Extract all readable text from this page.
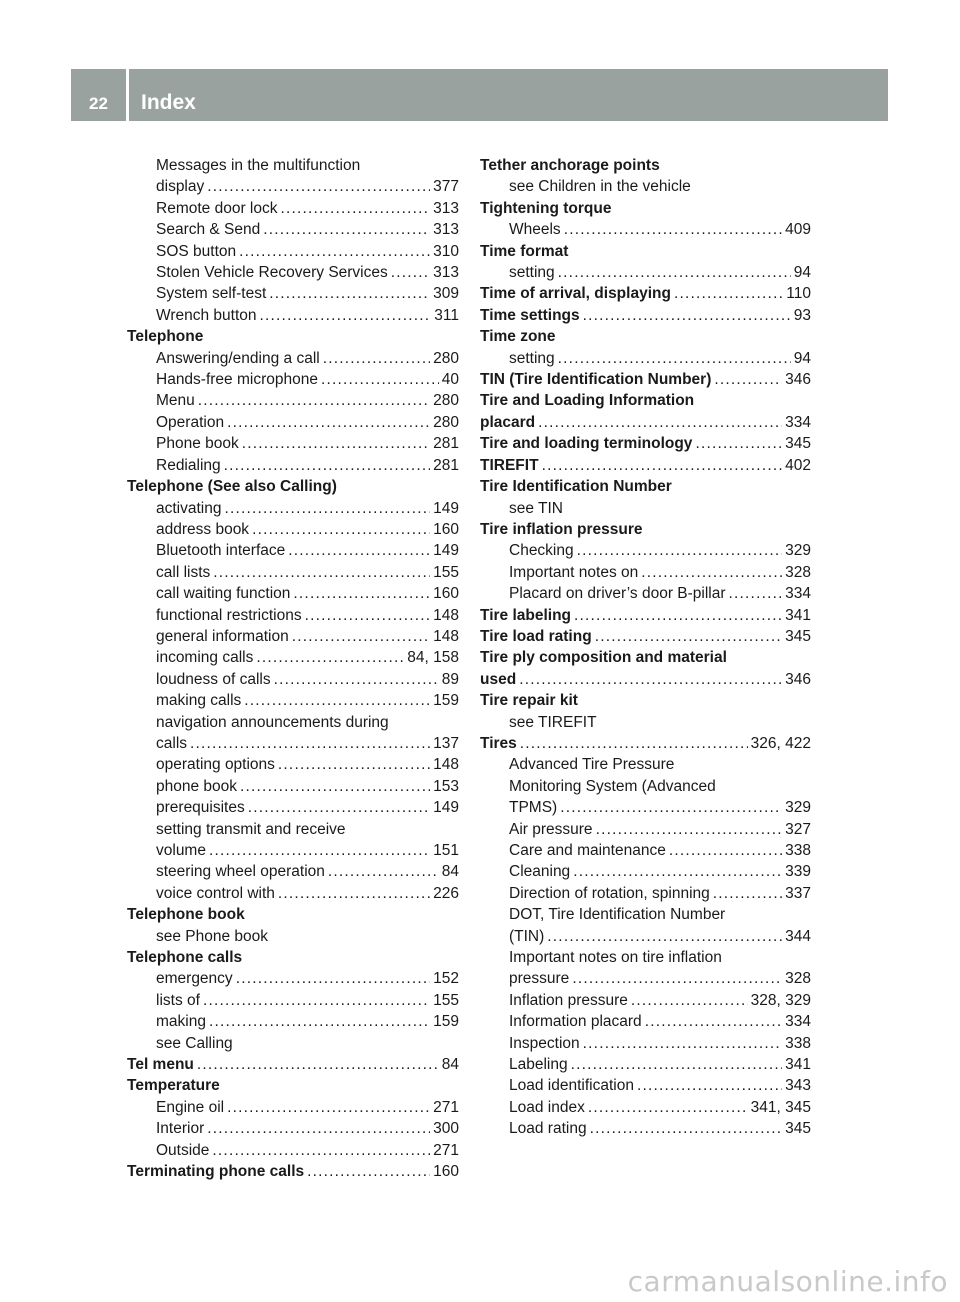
22	Index
Messages in the multifunction
display .....	377
Remote door lock .....	313
Search & Send .....	313
SOS button .....	310
Stolen Vehicle Recovery Services .....	313
System self-test .....	309
Wrench button .....	311
Telephone
Answering/ending a call .....	280
Hands-free microphone .....	40
Menu .....	280
Operation .....	280
Phone book .....	281
Redialing .....	281
Telephone (See also Calling)
activating .....	149
address book .....	160
Bluetooth interface .....	149
call lists .....	155
call waiting function .....	160
functional restrictions .....	148
general information .....	148
incoming calls .....	84, 158
loudness of calls .....	89
making calls .....	159
navigation announcements during
calls .....	137
operating options .....	148
phone book .....	153
prerequisites .....	149
setting transmit and receive
volume .....	151
steering wheel operation .....	84
voice control with .....	226
Telephone book
see Phone book
Telephone calls
emergency .....	152
lists of .....	155
making .....	159
see Calling
Tel menu .....	84
Temperature
Engine oil .....	271
Interior .....	300
Outside .....	271
Terminating phone calls .....	160
Tether anchorage points
see Children in the vehicle
Tightening torque
Wheels .....	409
Time format
setting .....	94
Time of arrival, displaying .....	110
Time settings .....	93
Time zone
setting .....	94
TIN (Tire Identification Number) .....	346
Tire and Loading Information
placard .....	334
Tire and loading terminology .....	345
TIREFIT .....	402
Tire Identification Number
see TIN
Tire inflation pressure
Checking .....	329
Important notes on .....	328
Placard on driver’s door B-pillar .....	334
Tire labeling .....	341
Tire load rating .....	345
Tire ply composition and material
used .....	346
Tire repair kit
see TIREFIT
Tires .....	326, 422
Advanced Tire Pressure
Monitoring System (Advanced
TPMS) .....	329
Air pressure .....	327
Care and maintenance .....	338
Cleaning .....	339
Direction of rotation, spinning .....	337
DOT, Tire Identification Number
(TIN) .....	344
Important notes on tire inflation
pressure .....	328
Inflation pressure .....	328, 329
Information placard .....	334
Inspection .....	338
Labeling .....	341
Load identification .....	343
Load index .....	341, 345
Load rating .....	345
carmanualsonline.info
